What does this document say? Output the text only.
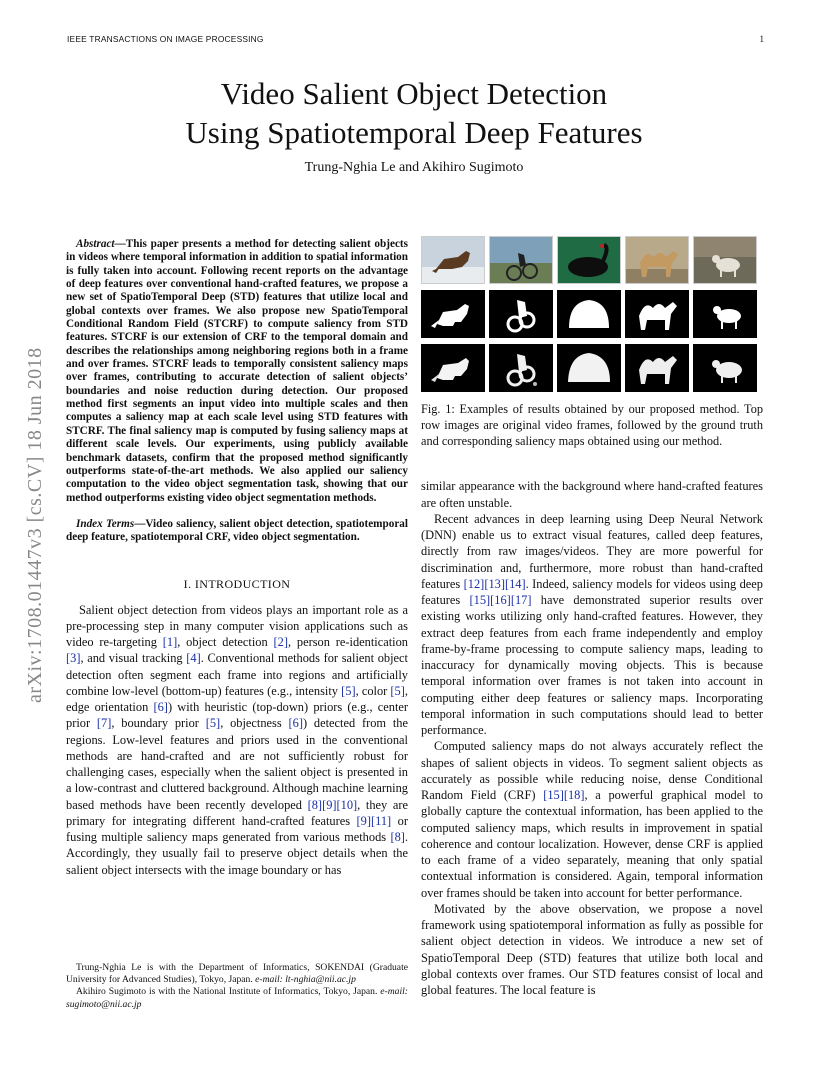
IEEE TRANSACTIONS ON IMAGE PROCESSING	1
Video Salient Object Detection
Using Spatiotemporal Deep Features
Trung-Nghia Le and Akihiro Sugimoto
arXiv:1708.01447v3 [cs.CV] 18 Jun 2018

Abstract—This paper presents a method for detecting salient objects in videos where temporal information in addition to spatial information is fully taken into account. Following recent reports on the advantage of deep features over conventional hand-crafted features, we propose a new set of SpatioTemporal Deep (STD) features that utilize local and global contexts over frames. We also propose new SpatioTemporal Conditional Random Field (STCRF) to compute saliency from STD features. STCRF is our extension of CRF to the temporal domain and describes the relationships among neighboring regions both in a frame and over frames. STCRF leads to temporally consistent saliency maps over frames, contributing to accurate detection of salient objects’ boundaries and noise reduction during detection. Our proposed method first segments an input video into multiple scales and then computes a saliency map at each scale level using STD features with STCRF. The final saliency map is computed by fusing saliency maps at different scale levels. Our experiments, using publicly available benchmark datasets, confirm that the proposed method significantly outperforms state-of-the-art methods. We also applied our saliency computation to the video object segmentation task, showing that our method outperforms existing video object segmentation methods.

Index Terms—Video saliency, salient object detection, spatiotemporal deep feature, spatiotemporal CRF, video object segmentation.

I. INTRODUCTION

Salient object detection from videos plays an important role as a pre-processing step in many computer vision applications such as video re-targeting [1], object detection [2], person re-identication [3], and visual tracking [4]. Conventional methods for salient object detection often segment each frame into regions and artificially combine low-level (bottom-up) features (e.g., intensity [5], color [5], edge orientation [6]) with heuristic (top-down) priors (e.g., center prior [7], boundary prior [5], objectness [6]) detected from the regions. Low-level features and priors used in the conventional methods are hand-crafted and are not sufficiently robust for challenging cases, especially when the salient object is presented in a low-contrast and cluttered background. Although machine learning based methods have been recently developed [8][9][10], they are primary for integrating different hand-crafted features [9][11] or fusing multiple saliency maps generated from various methods [8]. Accordingly, they usually fail to preserve object details when the salient object intersects with the image boundary or has

Trung-Nghia Le is with the Department of Informatics, SOKENDAI (Graduate University for Advanced Studies), Tokyo, Japan. e-mail: lt-nghia@nii.ac.jp

Akihiro Sugimoto is with the National Institute of Informatics, Tokyo, Japan. e-mail: sugimoto@nii.ac.jp

Fig. 1: Examples of results obtained by our proposed method. Top row images are original video frames, followed by the ground truth and corresponding saliency maps obtained using our method.

similar appearance with the background where hand-crafted features are often unstable.

Recent advances in deep learning using Deep Neural Network (DNN) enable us to extract visual features, called deep features, directly from raw images/videos. They are more powerful for discrimination and, furthermore, more robust than hand-crafted features [12][13][14]. Indeed, saliency models for videos using deep features [15][16][17] have demonstrated superior results over existing works utilizing only hand-crafted features. However, they extract deep features from each frame independently and employ frame-by-frame processing to compute saliency maps, leading to inaccuracy for dynamically moving objects. This is because temporal information over frames is not taken into account in computing either deep features or saliency maps. Incorporating temporal information in such computations should lead to better performance.

Computed saliency maps do not always accurately reflect the shapes of salient objects in videos. To segment salient objects as accurately as possible while reducing noise, dense Conditional Random Field (CRF) [15][18], a powerful graphical model to globally capture the contextual information, has been applied to the computed saliency maps, which results in improvement in spatial coherence and contour localization. However, dense CRF is applied to each frame of a video separately, meaning that only spatial contextual information is considered. Again, temporal information over frames should be taken into account for better performance.

Motivated by the above observation, we propose a novel framework using spatiotemporal information as fully as possible for salient object detection in videos. We introduce a new set of SpatioTemporal Deep (STD) features that utilize both local and global contexts over frames. Our STD features consist of local and global features. The local feature is
